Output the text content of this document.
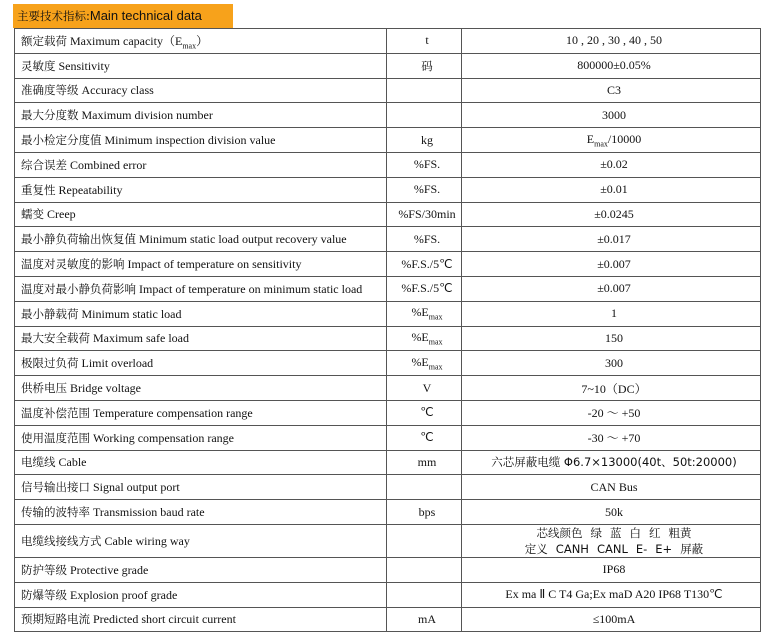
主要技术指标:Main technical data
额定载荷 Maximum $capacity(E_{max})$	t	10 , 20 , 30 , 40 , 50
灵敏度 Sensitivity	码	800000±0.05%
准确度等级 Accuracy class		C3
最大分度数 Maximum division number		3000
最小检定分度值 Minimum inspection division value	kg	$E_{max}/10000$
综合误差 Combined error	%FS.	±0.02
重复性 Repeatability	%FS.	±0.01
蠕变 Creep	%FS/30min	±0.0245
最小静负荷输出恢复值 Minimum static load output recovery value	%FS.	±0.017
温度对灵敏度的影响 Impact of temperature on sensitivity	%F.S./5℃	±0.007
温度对最小静负荷影响 Impact of temperature on minimum static load	%F.S./5℃	±0.007
最小静载荷 Minimum static load	$\%E_{max}$	1
最大安全载荷 Maximum safe load	$\%E_{max}$	150
极限过负荷 Limit overload	$\%E_{max}$	300
供桥电压 Bridge voltage	V	7~10（DC）
温度补偿范围 Temperature compensation range	℃	-20 ～ +50
使用温度范围 Working compensation range	℃	-30 ～ +70
电缆线 Cable	mm	六芯屏蔽电缆 Φ6.7×13000(40t、50t:20000)
信号输出接口 Signal output port		CAN Bus
传输的波特率 Transmission baud rate	bps	50k
电缆线接线方式 Cable wiring way		芯线颜色 绿 蓝 白 红 粗黄
定义 CANH CANL E- E+ 屏蔽

防护等级 Protective grade		IP68
防爆等级 Explosion proof grade		Ex ma Ⅱ C T4 Ga;Ex maD A20 IP68 T130℃
预期短路电流 Predicted short circuit current	mA	≤100mA
